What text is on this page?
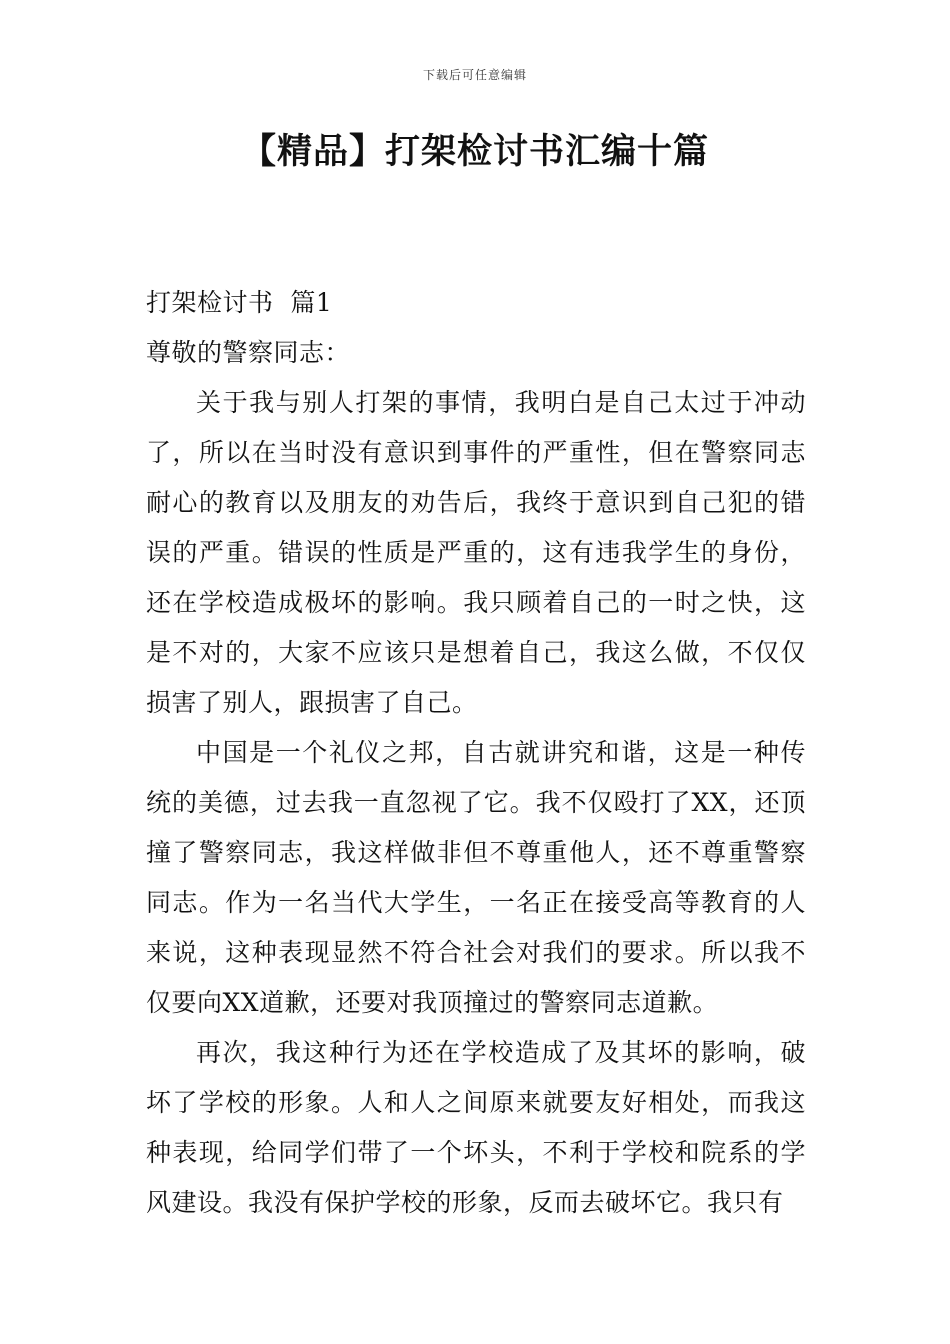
下载后可任意编辑
【精品】打架检讨书汇编十篇

打架检讨书  篇1

尊敬的警察同志：

关于我与别人打架的事情，我明白是自己太过于冲动了，所以在当时没有意识到事件的严重性，但在警察同志耐心的教育以及朋友的劝告后，我终于意识到自己犯的错误的严重。错误的性质是严重的，这有违我学生的身份，还在学校造成极坏的影响。我只顾着自己的一时之快，这是不对的，大家不应该只是想着自己，我这么做，不仅仅损害了别人，跟损害了自己。

中国是一个礼仪之邦，自古就讲究和谐，这是一种传统的美德，过去我一直忽视了它。我不仅殴打了XX，还顶撞了警察同志，我这样做非但不尊重他人，还不尊重警察同志。作为一名当代大学生，一名正在接受高等教育的人来说，这种表现显然不符合社会对我们的要求。所以我不仅要向XX道歉，还要对我顶撞过的警察同志道歉。

再次，我这种行为还在学校造成了及其坏的影响，破坏了学校的形象。人和人之间原来就要友好相处，而我这种表现，给同学们带了一个坏头，不利于学校和院系的学风建设。我没有保护学校的形象，反而去破坏它。我只有
